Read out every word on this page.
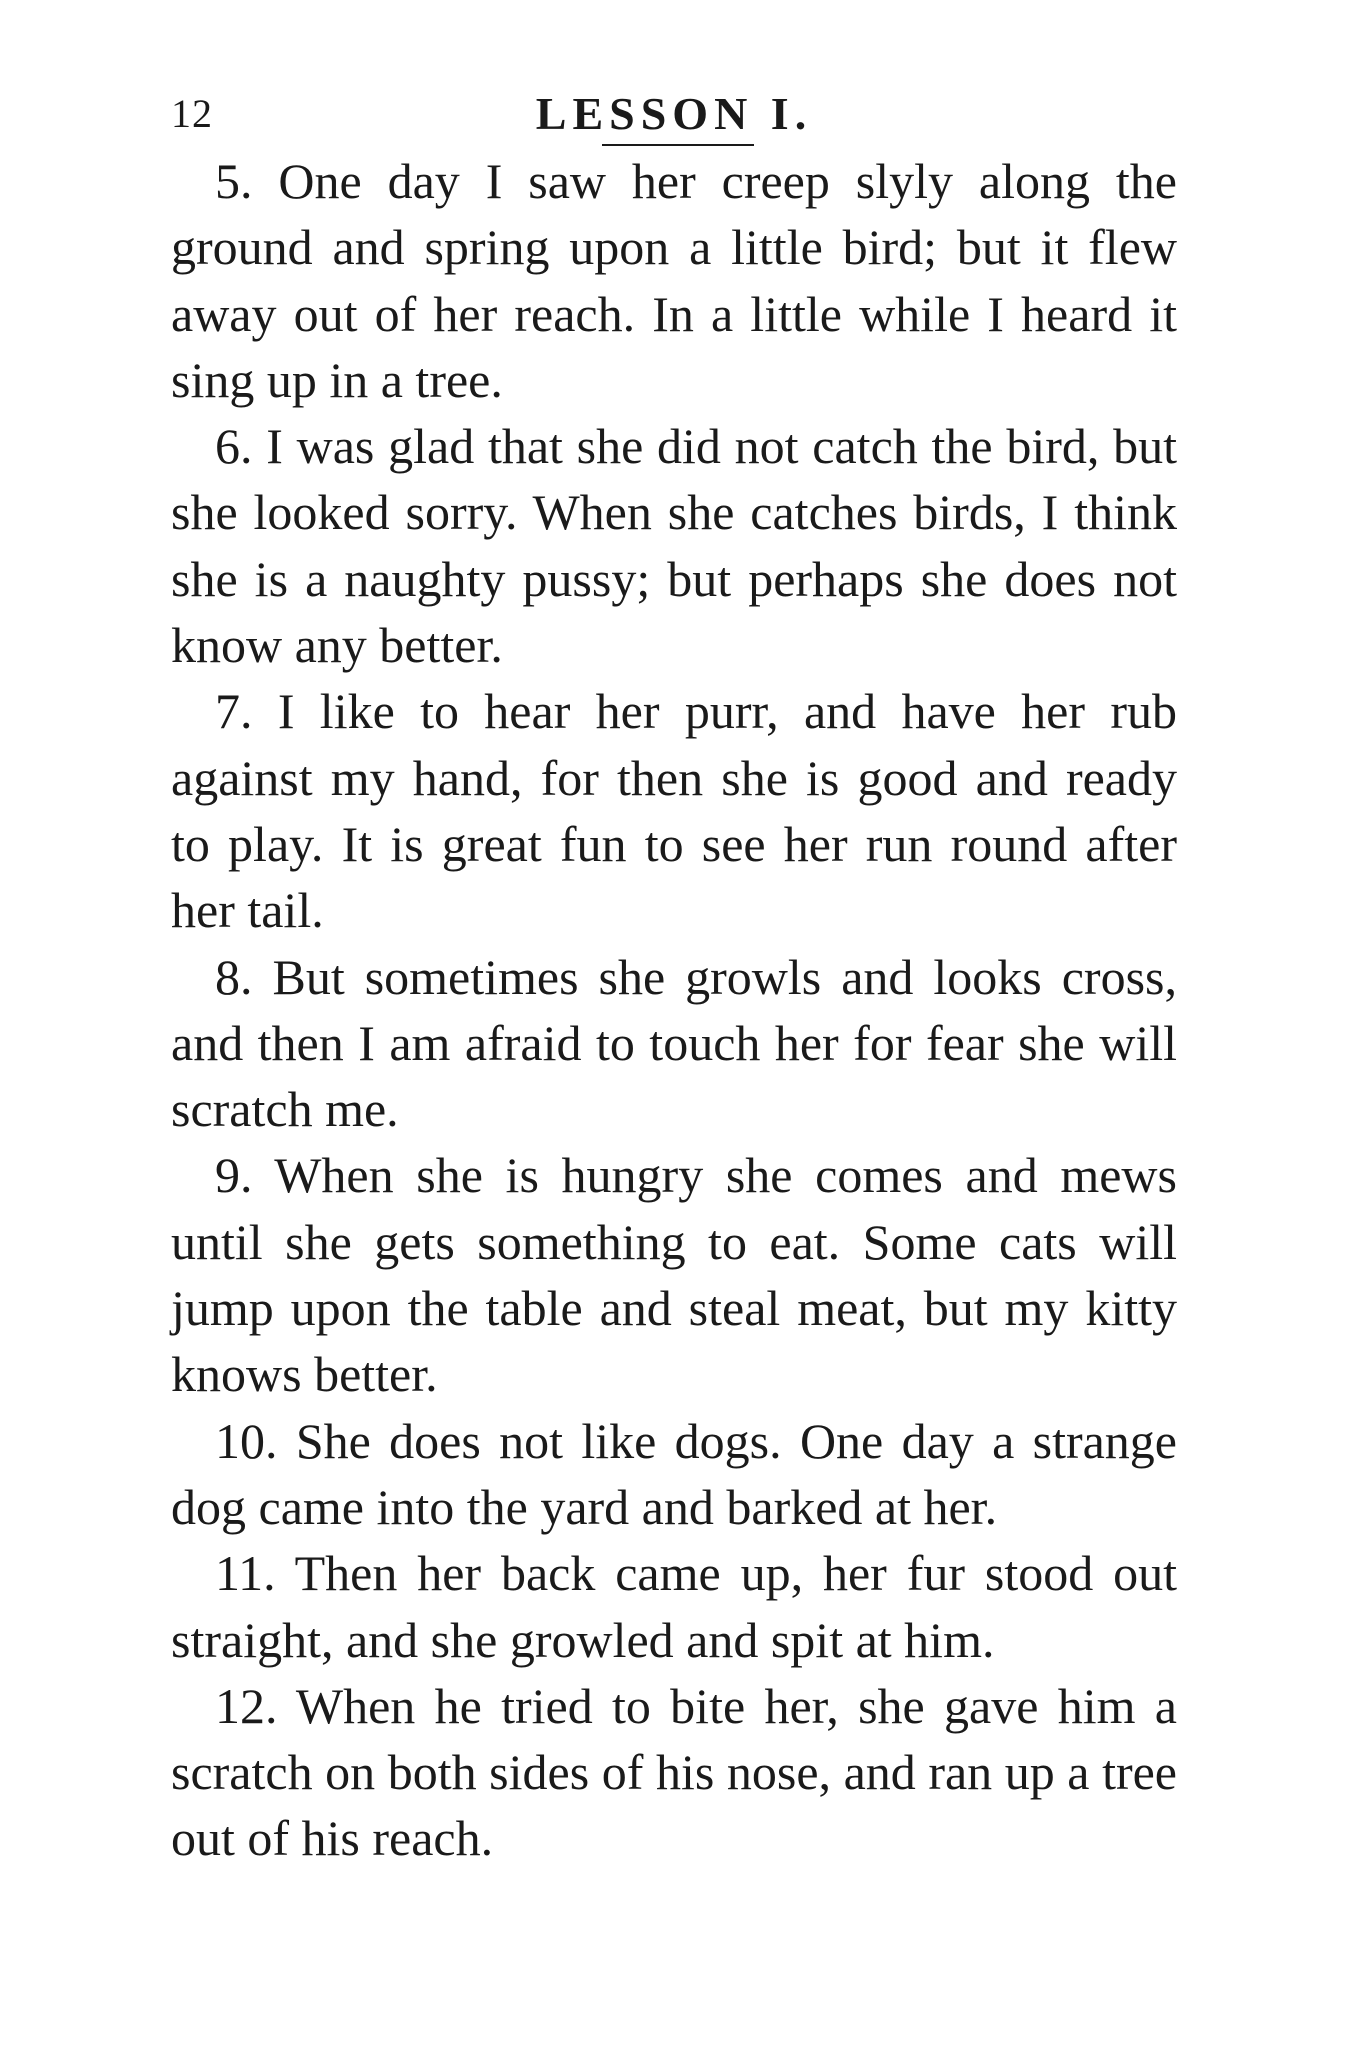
12	LESSON I.

5. One day I saw her creep slyly along the ground and spring upon a little bird; but it flew away out of her reach. In a little while I heard it sing up in a tree.

6. I was glad that she did not catch the bird, but she looked sorry. When she catches birds, I think she is a naughty pussy; but perhaps she does not know any better.

7. I like to hear her purr, and have her rub against my hand, for then she is good and ready to play. It is great fun to see her run round after her tail.

8. But sometimes she growls and looks cross, and then I am afraid to touch her for fear she will scratch me.

9. When she is hungry she comes and mews until she gets something to eat. Some cats will jump upon the table and steal meat, but my kitty knows better.

10. She does not like dogs. One day a strange dog came into the yard and barked at her.

11. Then her back came up, her fur stood out straight, and she growled and spit at him.

12. When he tried to bite her, she gave him a scratch on both sides of his nose, and ran up a tree out of his reach.
